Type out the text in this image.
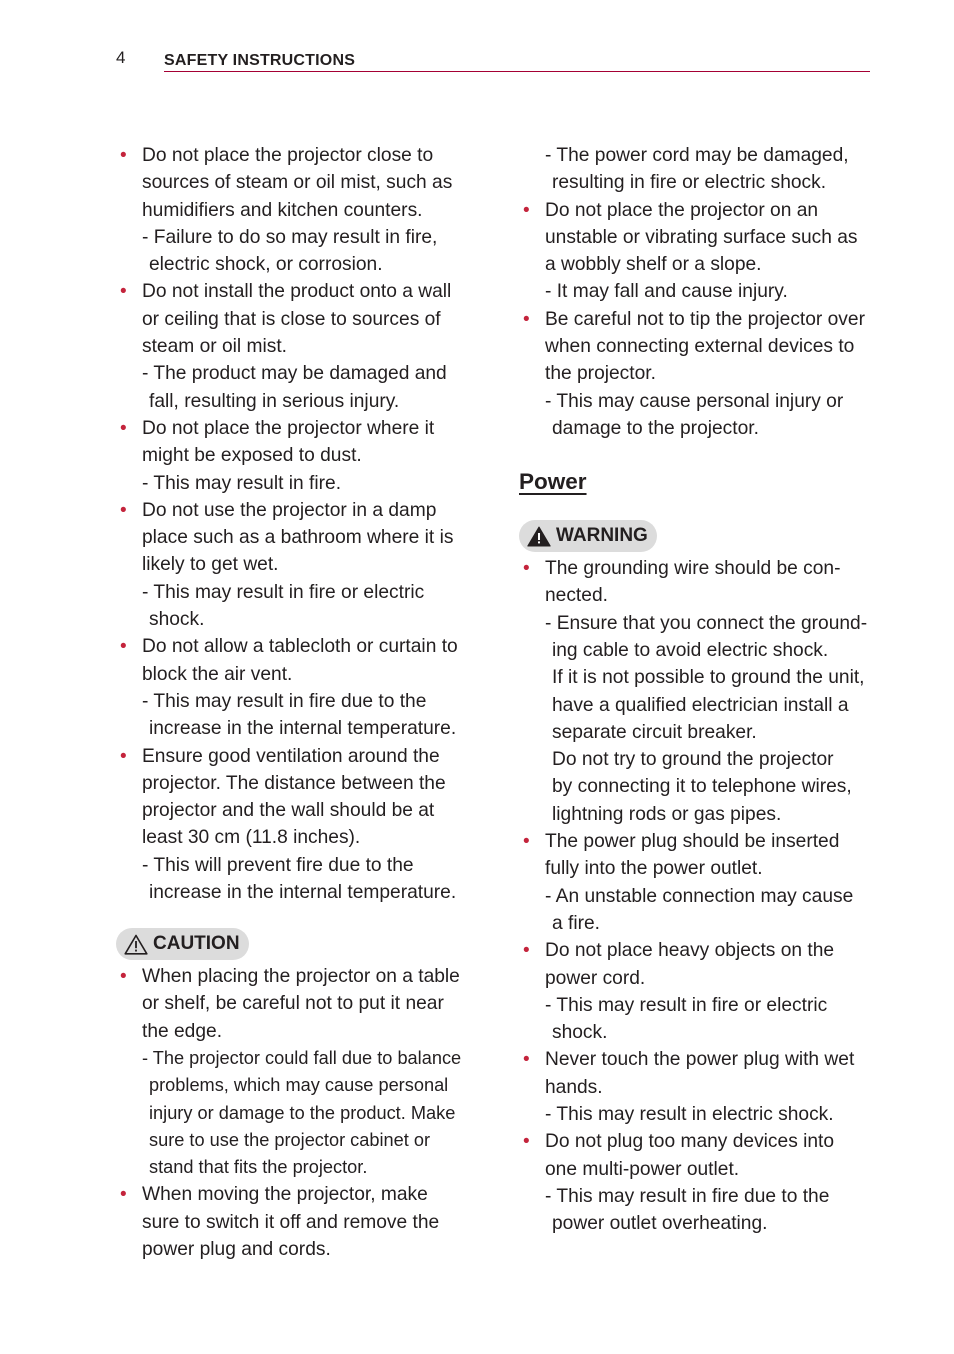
4 SAFETY INSTRUCTIONS
• Do not place the projector close to
sources of steam or oil mist, such as
humidifiers and kitchen counters.
- Failure to do so may result in fire,
electric shock, or corrosion.
• Do not install the product onto a wall
or ceiling that is close to sources of
steam or oil mist.
- The product may be damaged and
fall, resulting in serious injury.
• Do not place the projector where it
might be exposed to dust.
- This may result in fire.
• Do not use the projector in a damp
place such as a bathroom where it is
likely to get wet.
- This may result in fire or electric
shock.
• Do not allow a tablecloth or curtain to
block the air vent.
- This may result in fire due to the
increase in the internal temperature.
• Ensure good ventilation around the
projector. The distance between the
projector and the wall should be at
least 30 cm (11.8 inches).
- This will prevent fire due to the
increase in the internal temperature.
CAUTION
• When placing the projector on a table
or shelf, be careful not to put it near
the edge.
- The projector could fall due to balance
problems, which may cause personal
injury or damage to the product. Make
sure to use the projector cabinet or
stand that fits the projector.
• When moving the projector, make
sure to switch it off and remove the
power plug and cords.
- The power cord may be damaged,
resulting in fire or electric shock.
• Do not place the projector on an
unstable or vibrating surface such as
a wobbly shelf or a slope.
- It may fall and cause injury.
• Be careful not to tip the projector over
when connecting external devices to
the projector.
- This may cause personal injury or
damage to the projector.
Power
WARNING
• The grounding wire should be con-
nected.
- Ensure that you connect the ground-
ing cable to avoid electric shock.
If it is not possible to ground the unit,
have a qualified electrician install a
separate circuit breaker.
Do not try to ground the projector
by connecting it to telephone wires,
lightning rods or gas pipes.
• The power plug should be inserted
fully into the power outlet.
- An unstable connection may cause
a fire.
• Do not place heavy objects on the
power cord.
- This may result in fire or electric
shock.
• Never touch the power plug with wet
hands.
- This may result in electric shock.
• Do not plug too many devices into
one multi-power outlet.
- This may result in fire due to the
power outlet overheating.
